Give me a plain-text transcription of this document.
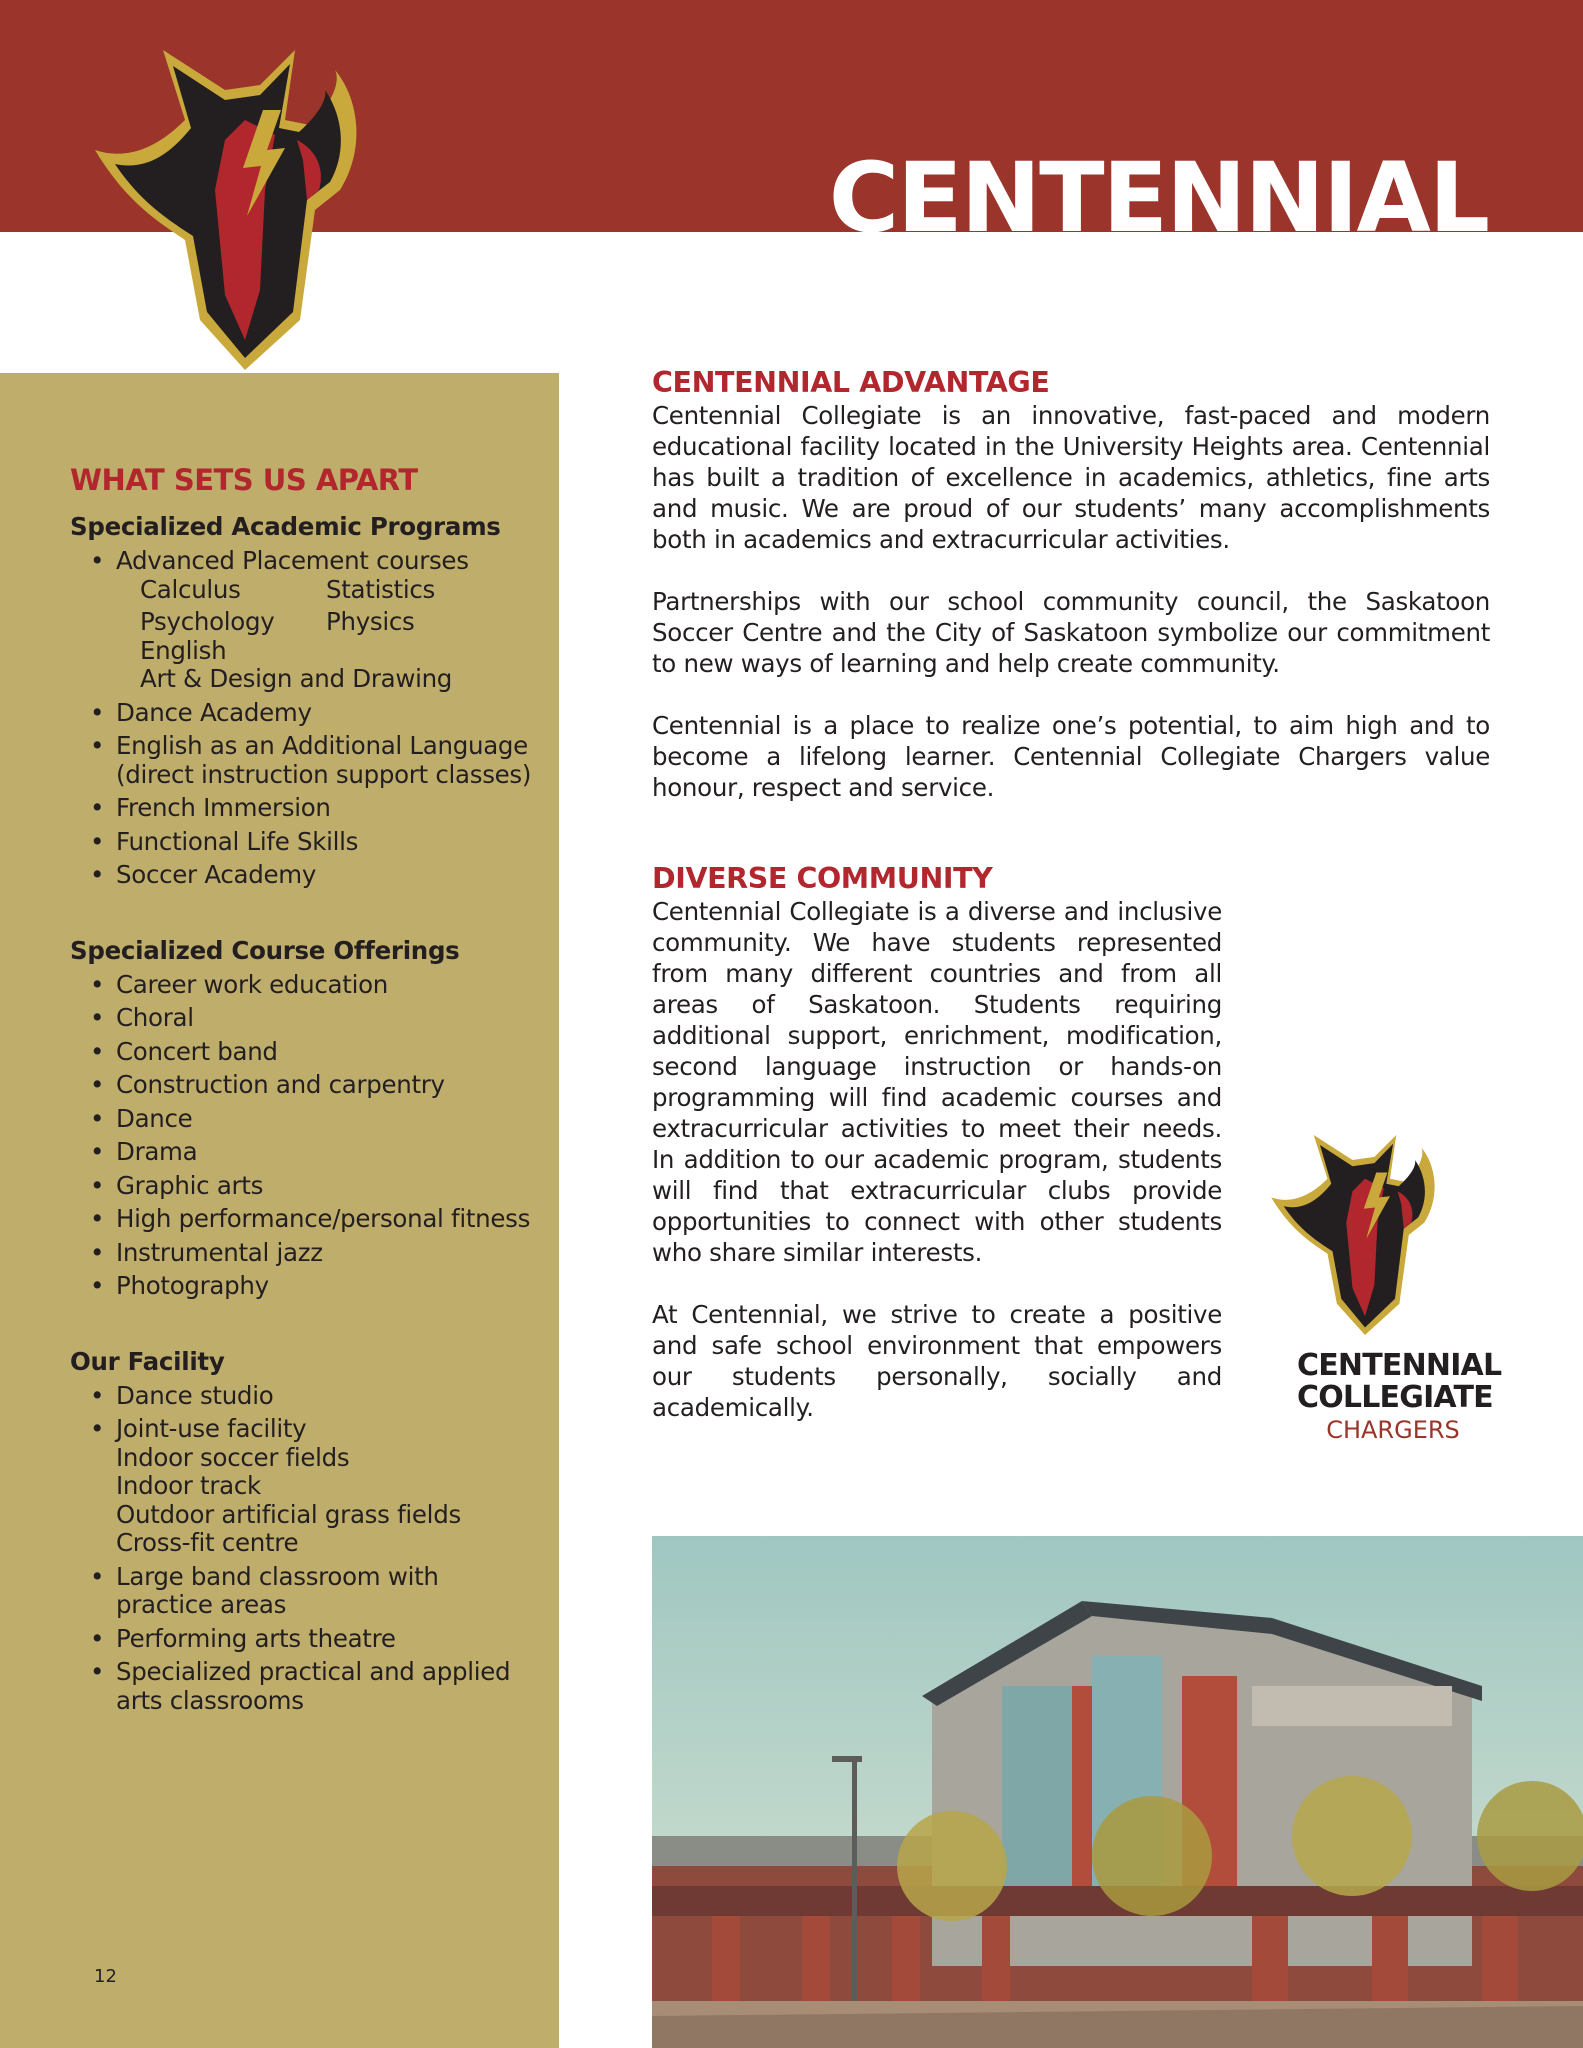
CENTENNIAL
WHAT SETS US APART

Specialized Academic Programs

• Advanced Placement courses
Calculus	Statistics
Psychology	Physics
English
Art & Design and Drawing
• Dance Academy
• English as an Additional Language (direct instruction support classes)
• French Immersion
• Functional Life Skills
• Soccer Academy

Specialized Course Offerings

• Career work education
• Choral
• Concert band
• Construction and carpentry
• Dance
• Drama
• Graphic arts
• High performance/personal fitness
• Instrumental jazz
• Photography

Our Facility

• Dance studio
• Joint-use facility
Indoor soccer fields
Indoor track
Outdoor artificial grass fields
Cross-fit centre
• Large band classroom with practice areas
• Performing arts theatre
• Specialized practical and applied arts classrooms
12
CENTENNIAL ADVANTAGE

Centennial Collegiate is an innovative, fast-paced and modern educational facility located in the University Heights area. Centennial has built a tradition of excellence in academics, athletics, fine arts and music. We are proud of our students’ many accomplishments both in academics and extracurricular activities.

Partnerships with our school community council, the Saskatoon Soccer Centre and the City of Saskatoon symbolize our commitment to new ways of learning and help create community.

Centennial is a place to realize one’s potential, to aim high and to become a lifelong learner. Centennial Collegiate Chargers value honour, respect and service.

DIVERSE COMMUNITY

Centennial Collegiate is a diverse and inclusive community. We have students represented from many different countries and from all areas of Saskatoon. Students requiring additional support, enrichment, modification, second language instruction or hands-on programming will find academic courses and extracurricular activities to meet their needs. In addition to our academic program, students will find that extracurricular clubs provide opportunities to connect with other students who share similar interests.

At Centennial, we strive to create a positive and safe school environment that empowers our students personally, socially and academically.

CENTENNIAL

COLLEGIATE

CHARGERS
